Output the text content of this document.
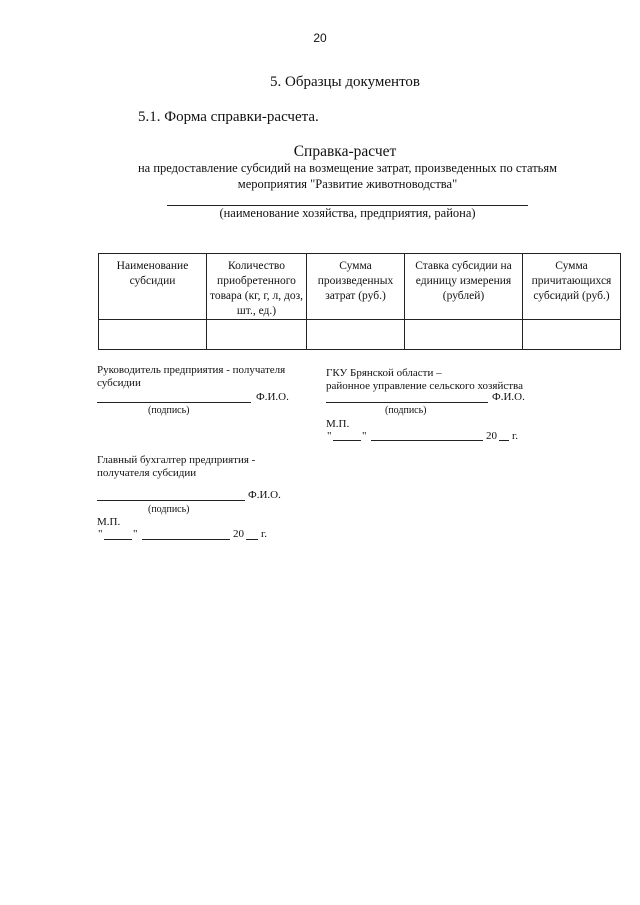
20
5. Образцы документов
5.1. Форма справки-расчета.
Справка-расчет
на предоставление субсидий на возмещение затрат, произведенных по статьям
мероприятия "Развитие животноводства"
(наименование хозяйства, предприятия, района)
Наименование субсидии	Количество приобретенного товара (кг, г, л, доз, шт., ед.)	Сумма произведенных затрат (руб.)	Ставка субсидии на единицу измерения (рублей)	Сумма причитающихся субсидий (руб.)

Руководитель предприятия - получателя
субсидии
Ф.И.О.
(подпись)
ГКУ Брянской области –
районное управление сельского хозяйства
Ф.И.О.
(подпись)
М.П.
"	"	20 г.
Главный бухгалтер предприятия -
получателя субсидии
Ф.И.О.
(подпись)
М.П.
"	"	20 г.
